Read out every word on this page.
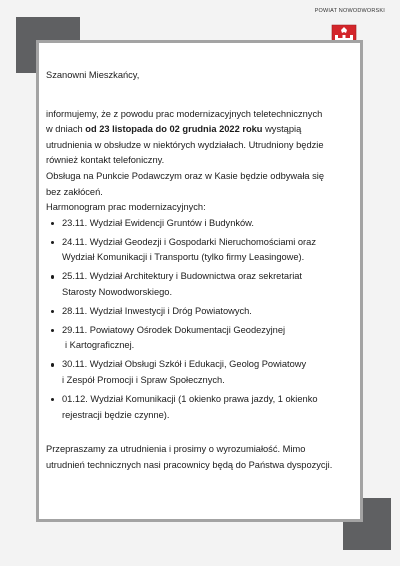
POWIAT NOWODWORSKI

Szanowni Mieszkańcy,

informujemy, że z powodu prac modernizacyjnych teletechnicznych

w dniach od 23 listopada do 02 grudnia 2022 roku wystąpią

utrudnienia w obsłudze w niektórych wydziałach. Utrudniony będzie

również kontakt telefoniczny.

Obsługa na Punkcie Podawczym oraz w Kasie będzie odbywała się

bez zakłóceń.

Harmonogram prac modernizacyjnych:

23.11. Wydział Ewidencji Gruntów i Budynków.
24.11. Wydział Geodezji i Gospodarki Nieruchomościami oraz
Wydział Komunikacji i Transportu (tylko firmy Leasingowe).
25.11. Wydział Architektury i Budownictwa oraz sekretariat
Starosty Nowodworskiego.
28.11. Wydział Inwestycji i Dróg Powiatowych.
29.11. Powiatowy Ośrodek Dokumentacji Geodezyjnej
i Kartograficznej.
30.11. Wydział Obsługi Szkół i Edukacji, Geolog Powiatowy
i Zespół Promocji i Spraw Społecznych.
01.12. Wydział Komunikacji (1 okienko prawa jazdy, 1 okienko
rejestracji będzie czynne).

Przepraszamy za utrudnienia i prosimy o wyrozumiałość. Mimo

utrudnień technicznych nasi pracownicy będą do Państwa dyspozycji.
